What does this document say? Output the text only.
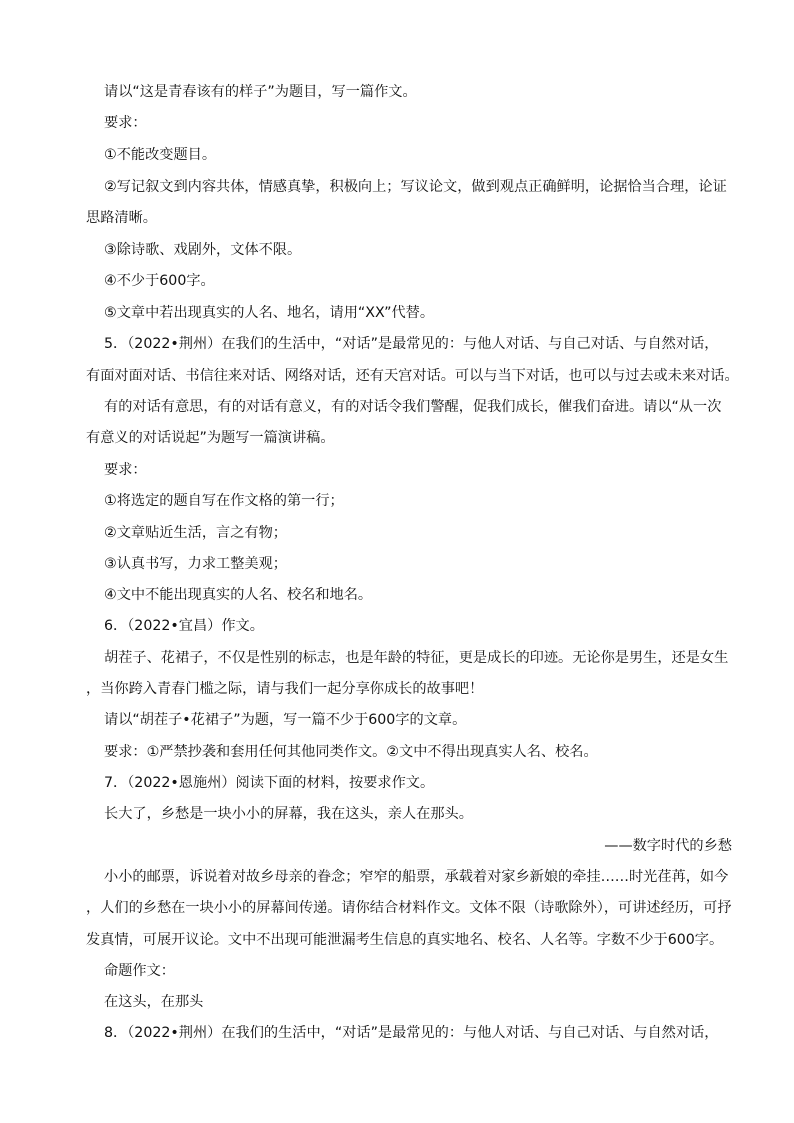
请以“这是青春该有的样子”为题目，写一篇作文。
要求：
①不能改变题目。
②写记叙文到内容共体，情感真挚，积极向上；写议论文，做到观点正确鲜明，论据恰当合理，论证
思路清晰。
③除诗歌、戏剧外，文体不限。
④不少于600字。
⑤文章中若出现真实的人名、地名，请用“XX”代替。
5．（2022•荆州）在我们的生活中，“对话”是最常见的：与他人对话、与自己对话、与自然对话，
有面对面对话、书信往来对话、网络对话，还有天宫对话。可以与当下对话，也可以与过去或未来对话。
有的对话有意思，有的对话有意义，有的对话令我们警醒，促我们成长，催我们奋进。请以“从一次
有意义的对话说起”为题写一篇演讲稿。
要求：
①将选定的题自写在作文格的第一行；
②文章贴近生活，言之有物；
③认真书写，力求工整美观；
④文中不能出现真实的人名、校名和地名。
6．（2022•宜昌）作文。
胡茬子、花裙子，不仅是性别的标志，也是年龄的特征，更是成长的印迹。无论你是男生，还是女生
，当你跨入青春门槛之际，请与我们一起分享你成长的故事吧！
请以“胡茬子•花裙子”为题，写一篇不少于600字的文章。
要求：①严禁抄袭和套用任何其他同类作文。②文中不得出现真实人名、校名。
7．（2022•恩施州）阅读下面的材料，按要求作文。
长大了，乡愁是一块小小的屏幕，我在这头，亲人在那头。
——数字时代的乡愁
小小的邮票，诉说着对故乡母亲的眷念；窄窄的船票，承载着对家乡新娘的牵挂……时光荏苒，如今
，人们的乡愁在一块小小的屏幕间传递。请你结合材料作文。文体不限（诗歌除外），可讲述经历，可抒
发真情，可展开议论。文中不出现可能泄漏考生信息的真实地名、校名、人名等。字数不少于600字。
命题作文：
在这头，在那头
8．（2022•荆州）在我们的生活中，“对话”是最常见的：与他人对话、与自己对话、与自然对话，
